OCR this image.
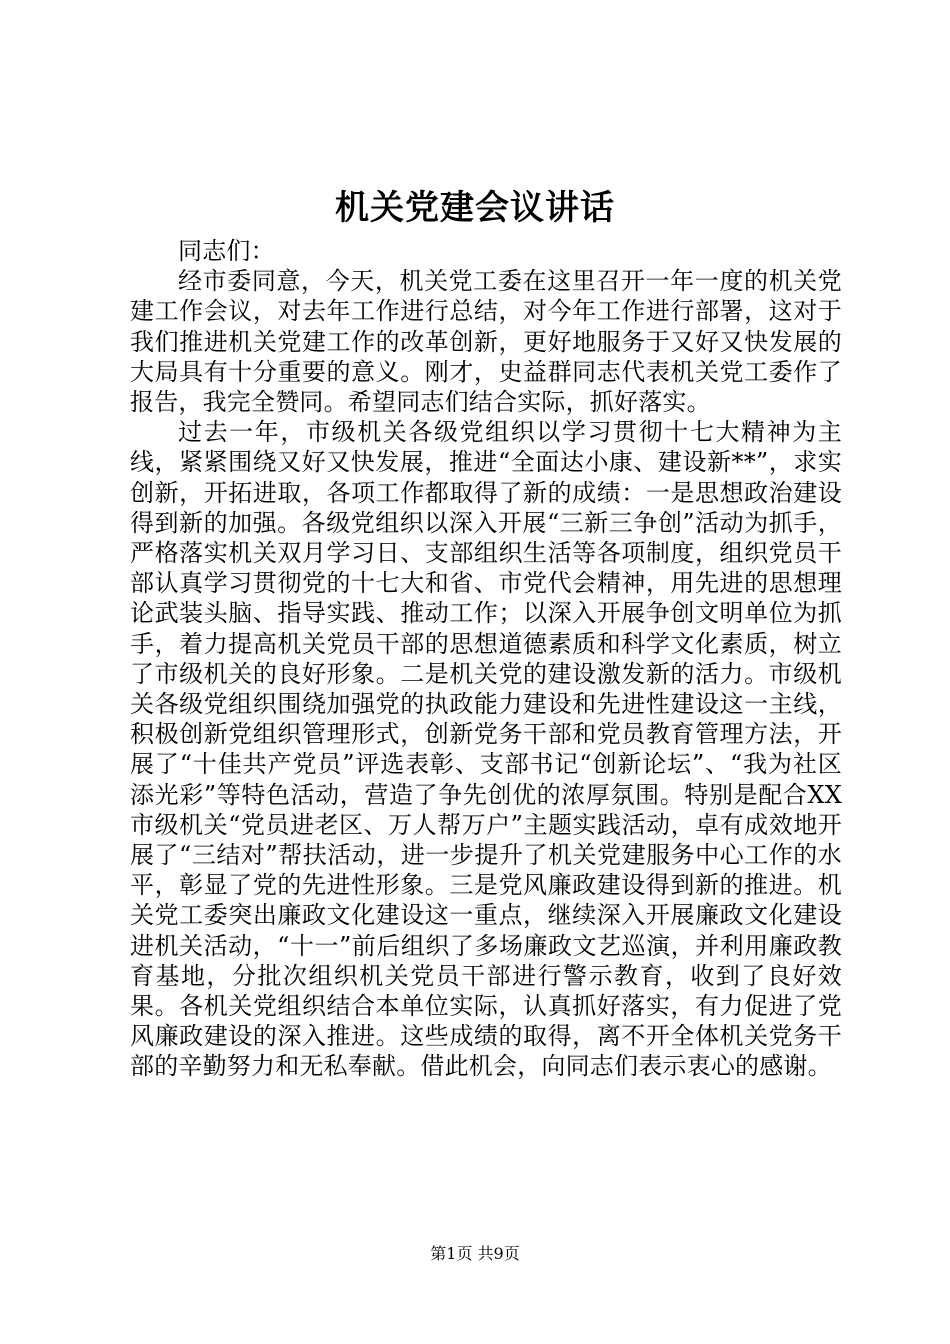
机关党建会议讲话

同志们：

经市委同意，今天，机关党工委在这里召开一年一度的机关党建工作会议，对去年工作进行总结，对今年工作进行部署，这对于我们推进机关党建工作的改革创新，更好地服务于又好又快发展的大局具有十分重要的意义。刚才，史益群同志代表机关党工委作了报告，我完全赞同。希望同志们结合实际，抓好落实。

过去一年，市级机关各级党组织以学习贯彻十七大精神为主线，紧紧围绕又好又快发展，推进“全面达小康、建设新**”，求实创新，开拓进取，各项工作都取得了新的成绩：一是思想政治建设得到新的加强。各级党组织以深入开展“三新三争创”活动为抓手，严格落实机关双月学习日、支部组织生活等各项制度，组织党员干部认真学习贯彻党的十七大和省、市党代会精神，用先进的思想理论武装头脑、指导实践、推动工作；以深入开展争创文明单位为抓手，着力提高机关党员干部的思想道德素质和科学文化素质，树立了市级机关的良好形象。二是机关党的建设激发新的活力。市级机关各级党组织围绕加强党的执政能力建设和先进性建设这一主线，积极创新党组织管理形式，创新党务干部和党员教育管理方法，开展了“十佳共产党员”评选表彰、支部书记“创新论坛”、“我为社区添光彩”等特色活动，营造了争先创优的浓厚氛围。特别是配合XX市级机关“党员进老区、万人帮万户”主题实践活动，卓有成效地开展了“三结对”帮扶活动，进一步提升了机关党建服务中心工作的水平，彰显了党的先进性形象。三是党风廉政建设得到新的推进。机关党工委突出廉政文化建设这一重点，继续深入开展廉政文化建设进机关活动，“十一”前后组织了多场廉政文艺巡演，并利用廉政教育基地，分批次组织机关党员干部进行警示教育，收到了良好效果。各机关党组织结合本单位实际，认真抓好落实，有力促进了党风廉政建设的深入推进。这些成绩的取得，离不开全体机关党务干部的辛勤努力和无私奉献。借此机会，向同志们表示衷心的感谢。

第1页 共9页
